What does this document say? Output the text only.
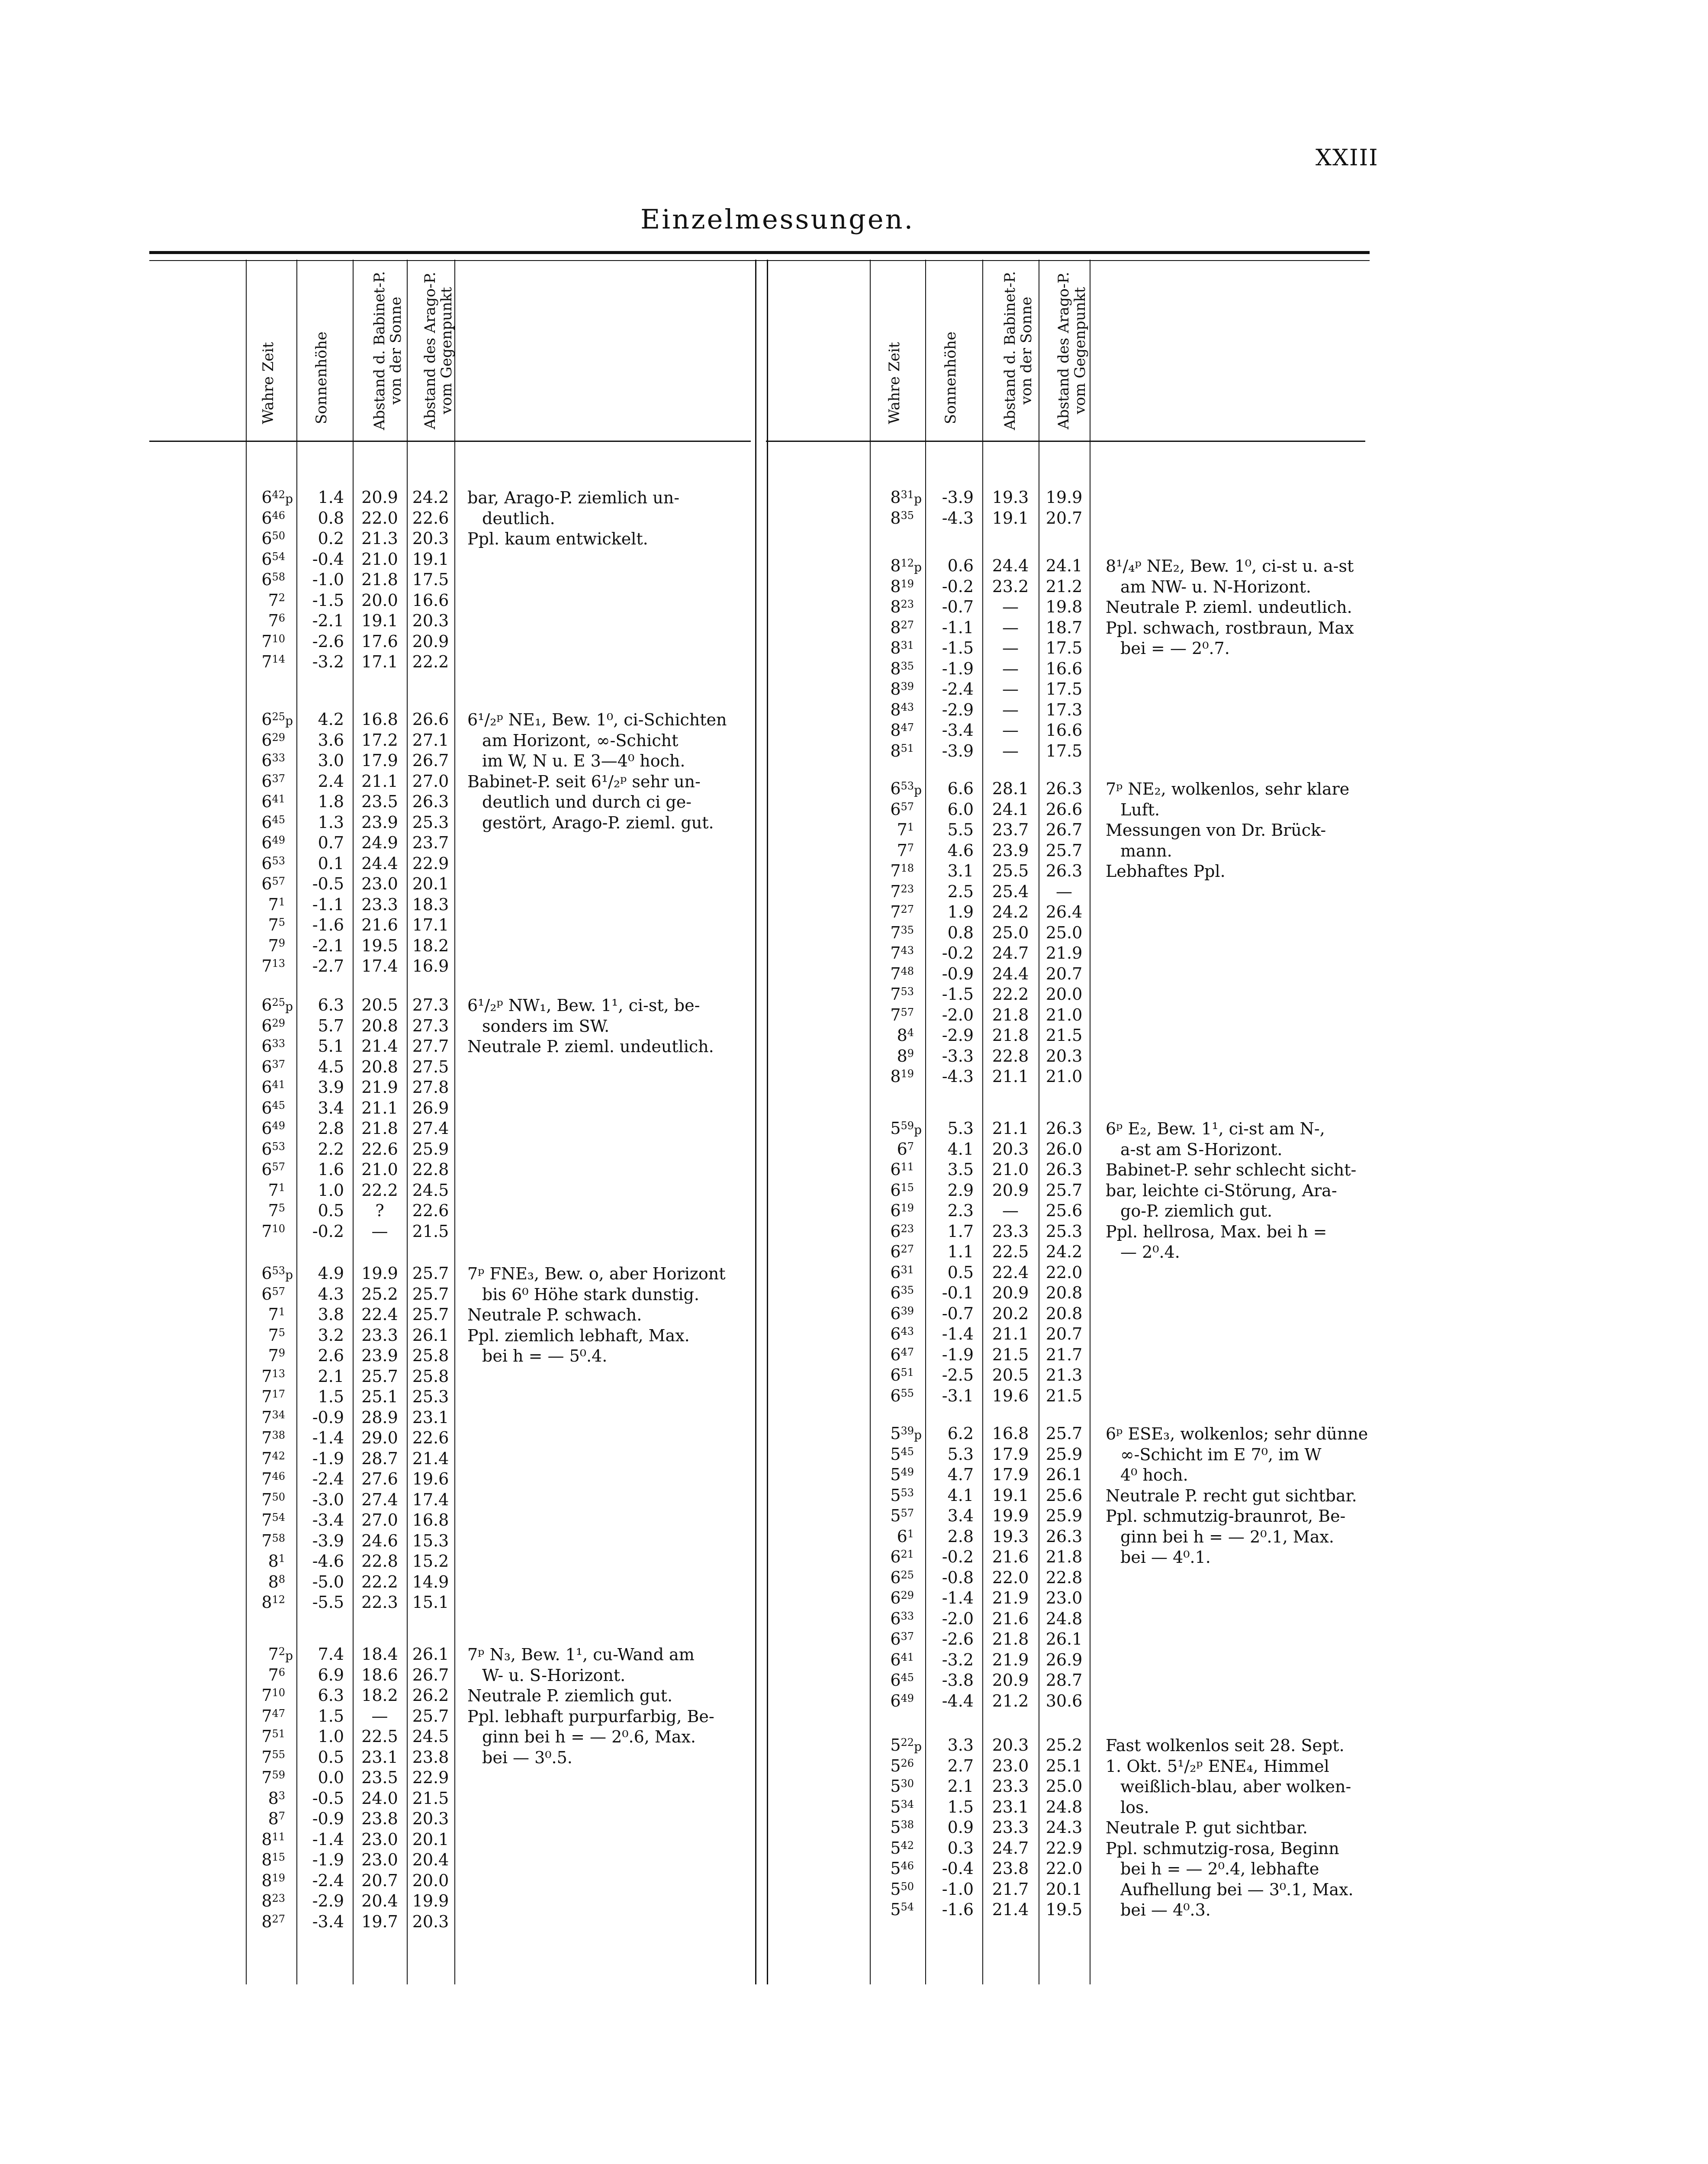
XXIII
Einzelmessungen.
Wahre Zeit Sonnenhöhe	Abstand d. Babinet-P.
von der Sonne
Abstand des Arago-P.
vom Gegenpunkt
$6^{42}p$	1.4	20.9 24.2
$6^{46}$	0.8	22.0 22.6
$6^{50}$	0.2	21.3 20.3
$6^{54}$	-0.4	21.0 19.1
$6^{58}$	-1.0	21.8 17.5
$7^2$	-1.5	20.0 16.6
$7^6$	-2.1	19.1 20.3
$7^{10}$	-2.6	17.6 20.9
$7^{14}$	-3.2	17.1 22.2
bar, Arago-P. ziemlich un-
deutlich.
Ppl. kaum entwickelt.
$6^{25}p$	4.2	16.8 26.6
$6^{29}$	3.6	17.2 27.1
$6^{33}$	3.0	17.9 26.7
$6^{37}$	2.4	21.1 27.0
$6^{41}$	1.8	23.5 26.3
$6^{45}$	1.3	23.9 25.3
$6^{49}$	0.7	24.9 23.7
$6^{53}$	0.1	24.4 22.9
$6^{57}$	-0.5	23.0 20.1
$7^1$	-1.1	23.3 18.3
$7^5$	-1.6	21.6 17.1
$7^9$	-2.1	19.5 18.2
$7^{13}$	-2.7	17.4 16.9
6¹/₂ᵖ NE₁, Bew. 1⁰, ci-Schichten
am Horizont, ∞-Schicht
im W, N u. E 3—4⁰ hoch.
Babinet-P. seit 6¹/₂ᵖ sehr un-
deutlich und durch ci ge-
gestört, Arago-P. zieml. gut.
$6^{25}p$	6.3	20.5 27.3
$6^{29}$	5.7	20.8 27.3
$6^{33}$	5.1	21.4 27.7
$6^{37}$	4.5	20.8 27.5
$6^{41}$	3.9	21.9 27.8
$6^{45}$	3.4	21.1 26.9
$6^{49}$	2.8	21.8 27.4
$6^{53}$	2.2	22.6 25.9
$6^{57}$	1.6	21.0 22.8
$7^1$	1.0	22.2 24.5
$7^5$	0.5	?	22.6
$7^{10}$	-0.2	—	21.5
6¹/₂ᵖ NW₁, Bew. 1¹, ci-st, be-
sonders im SW.
Neutrale P. zieml. undeutlich.
$6^{53}p$	4.9	19.9 25.7
$6^{57}$	4.3	25.2 25.7
$7^1$	3.8	22.4 25.7
$7^5$	3.2	23.3 26.1
$7^9$	2.6	23.9 25.8
$7^{13}$	2.1	25.7 25.8
$7^{17}$	1.5	25.1 25.3
$7^{34}$	-0.9	28.9 23.1
$7^{38}$	-1.4	29.0 22.6
$7^{42}$	-1.9	28.7 21.4
$7^{46}$	-2.4	27.6 19.6
$7^{50}$	-3.0	27.4 17.4
$7^{54}$	-3.4	27.0 16.8
$7^{58}$	-3.9	24.6 15.3
$8^1$	-4.6	22.8 15.2
$8^8$	-5.0	22.2 14.9
$8^{12}$	-5.5	22.3 15.1
7ᵖ FNE₃, Bew. o, aber Horizont
bis 6⁰ Höhe stark dunstig.
Neutrale P. schwach.
Ppl. ziemlich lebhaft, Max.
bei h = — 5⁰.4.
$7^2p$	7.4	18.4 26.1
$7^6$	6.9	18.6 26.7
$7^{10}$	6.3	18.2 26.2
$7^{47}$	1.5	—	25.7
$7^{51}$	1.0	22.5 24.5
$7^{55}$	0.5	23.1 23.8
$7^{59}$	0.0	23.5 22.9
$8^3$	-0.5	24.0 21.5
$8^7$	-0.9	23.8 20.3
$8^{11}$	-1.4	23.0 20.1
$8^{15}$	-1.9	23.0 20.4
$8^{19}$	-2.4	20.7 20.0
$8^{23}$	-2.9	20.4 19.9
$8^{27}$	-3.4	19.7 20.3
7ᵖ N₃, Bew. 1¹, cu-Wand am
W- u. S-Horizont.
Neutrale P. ziemlich gut.
Ppl. lebhaft purpurfarbig, Be-
ginn bei h = — 2⁰.6, Max.
bei — 3⁰.5.
Wahre Zeit	Sonnenhöhe	Abstand d. Babinet-P.
von der Sonne
Abstand des Arago-P.
vom Gegenpunkt
$8^{31}p$	-3.9	19.3	19.9
$8^{35}$	-4.3	19.1	20.7
$8^{12}p$	0.6	24.4	24.1
$8^{19}$	-0.2	23.2	21.2
$8^{23}$	-0.7	—	19.8
$8^{27}$	-1.1	—	18.7
$8^{31}$	-1.5	—	17.5
$8^{35}$	-1.9	—	16.6
$8^{39}$	-2.4	—	17.5
$8^{43}$	-2.9	—	17.3
$8^{47}$	-3.4	—	16.6
$8^{51}$	-3.9	—	17.5
8¹/₄ᵖ NE₂, Bew. 1⁰, ci-st u. a-st
am NW- u. N-Horizont.
Neutrale P. zieml. undeutlich.
Ppl. schwach, rostbraun, Max
bei = — 2⁰.7.
$6^{53}p$	6.6	28.1	26.3
$6^{57}$	6.0	24.1	26.6
$7^1$	5.5	23.7	26.7
$7^7$	4.6	23.9	25.7
$7^{18}$	3.1	25.5	26.3
$7^{23}$	2.5	25.4	—
$7^{27}$	1.9	24.2	26.4
$7^{35}$	0.8	25.0	25.0
$7^{43}$	-0.2	24.7	21.9
$7^{48}$	-0.9	24.4	20.7
$7^{53}$	-1.5	22.2	20.0
$7^{57}$	-2.0	21.8	21.0
$8^4$	-2.9	21.8	21.5
$8^9$	-3.3	22.8	20.3
$8^{19}$	-4.3	21.1	21.0
7ᵖ NE₂, wolkenlos, sehr klare
Luft.
Messungen von Dr. Brück-
mann.
Lebhaftes Ppl.
$5^{59}p$	5.3	21.1	26.3
$6^7$	4.1	20.3	26.0
$6^{11}$	3.5	21.0	26.3
$6^{15}$	2.9	20.9	25.7
$6^{19}$	2.3	—	25.6
$6^{23}$	1.7	23.3	25.3
$6^{27}$	1.1	22.5	24.2
$6^{31}$	0.5	22.4	22.0
$6^{35}$	-0.1	20.9	20.8
$6^{39}$	-0.7	20.2	20.8
$6^{43}$	-1.4	21.1	20.7
$6^{47}$	-1.9	21.5	21.7
$6^{51}$	-2.5	20.5	21.3
$6^{55}$	-3.1	19.6	21.5
6ᵖ E₂, Bew. 1¹, ci-st am N-,
a-st am S-Horizont.
Babinet-P. sehr schlecht sicht-
bar, leichte ci-Störung, Ara-
go-P. ziemlich gut.
Ppl. hellrosa, Max. bei h =
— 2⁰.4.
$5^{39}p$	6.2	16.8	25.7
$5^{45}$	5.3	17.9	25.9
$5^{49}$	4.7	17.9	26.1
$5^{53}$	4.1	19.1	25.6
$5^{57}$	3.4	19.9	25.9
$6^1$	2.8	19.3	26.3
$6^{21}$	-0.2	21.6	21.8
$6^{25}$	-0.8	22.0	22.8
$6^{29}$	-1.4	21.9	23.0
$6^{33}$	-2.0	21.6	24.8
$6^{37}$	-2.6	21.8	26.1
$6^{41}$	-3.2	21.9	26.9
$6^{45}$	-3.8	20.9	28.7
$6^{49}$	-4.4	21.2	30.6
6ᵖ ESE₃, wolkenlos; sehr dünne
∞-Schicht im E 7⁰, im W
4⁰ hoch.
Neutrale P. recht gut sichtbar.
Ppl. schmutzig-braunrot, Be-
ginn bei h = — 2⁰.1, Max.
bei — 4⁰.1.
$5^{22}p$	3.3	20.3	25.2
$5^{26}$	2.7	23.0	25.1
$5^{30}$	2.1	23.3	25.0
$5^{34}$	1.5	23.1	24.8
$5^{38}$	0.9	23.3	24.3
$5^{42}$	0.3	24.7	22.9
$5^{46}$	-0.4	23.8	22.0
$5^{50}$	-1.0	21.7	20.1
$5^{54}$	-1.6	21.4	19.5
Fast wolkenlos seit 28. Sept.
1. Okt. 5¹/₂ᵖ ENE₄, Himmel
weißlich-blau, aber wolken-
los.
Neutrale P. gut sichtbar.
Ppl. schmutzig-rosa, Beginn
bei h = — 2⁰.4, lebhafte
Aufhellung bei — 3⁰.1, Max.
bei — 4⁰.3.
